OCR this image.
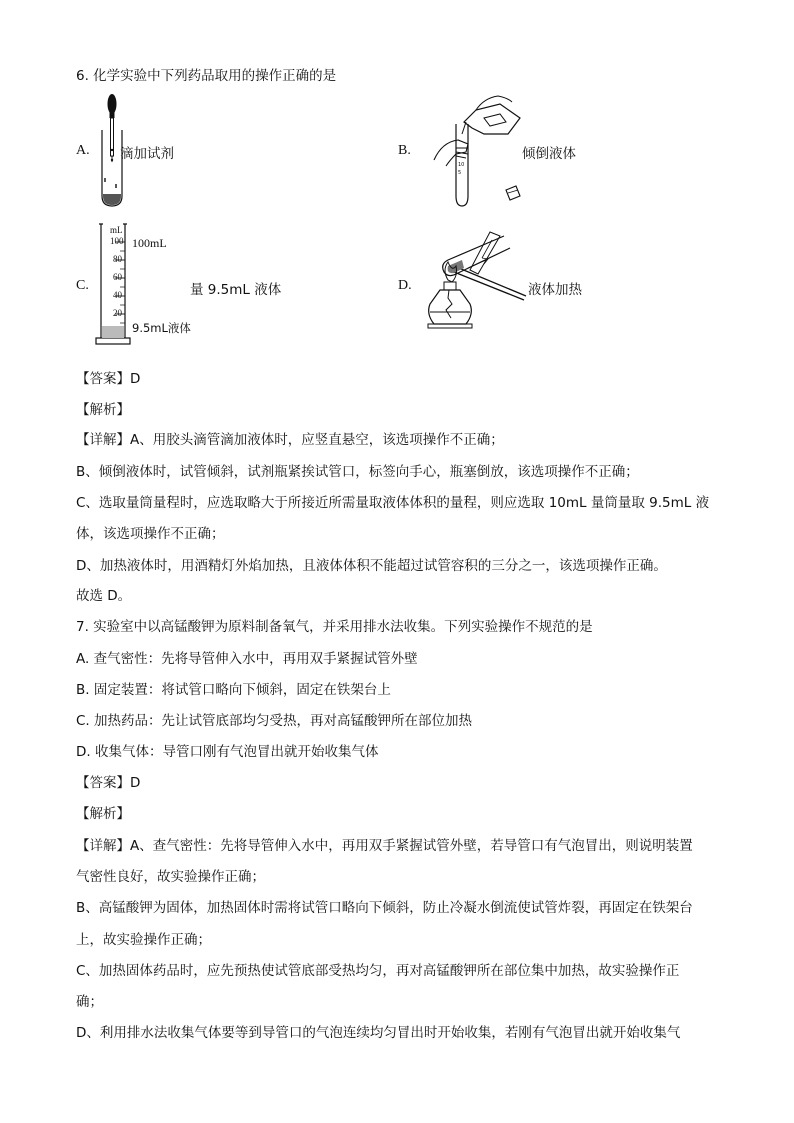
6. 化学实验中下列药品取用的操作正确的是
A. 滴加试剂	B.
10
5
倾倒液体
C.
mL
100
80
60
40
20
100mL
9.5mL液体
量 9.5mL 液体	D.	液体加热
【答案】D
【解析】
【详解】A、用胶头滴管滴加液体时，应竖直悬空，该选项操作不正确；
B、倾倒液体时，试管倾斜，试剂瓶紧挨试管口，标签向手心，瓶塞倒放，该选项操作不正确；
C、选取量筒量程时，应选取略大于所接近所需量取液体体积的量程，则应选取 10mL 量筒量取 9.5mL 液
体，该选项操作不正确；
D、加热液体时，用酒精灯外焰加热，且液体体积不能超过试管容积的三分之一，该选项操作正确。
故选 D。
7. 实验室中以高锰酸钾为原料制备氧气，并采用排水法收集。下列实验操作不规范的是
A. 查气密性：先将导管伸入水中，再用双手紧握试管外壁
B. 固定装置：将试管口略向下倾斜，固定在铁架台上
C. 加热药品：先让试管底部均匀受热，再对高锰酸钾所在部位加热
D. 收集气体：导管口刚有气泡冒出就开始收集气体
【答案】D
【解析】
【详解】A、查气密性：先将导管伸入水中，再用双手紧握试管外壁，若导管口有气泡冒出，则说明装置
气密性良好，故实验操作正确；
B、高锰酸钾为固体，加热固体时需将试管口略向下倾斜，防止冷凝水倒流使试管炸裂，再固定在铁架台
上，故实验操作正确；
C、加热固体药品时，应先预热使试管底部受热均匀，再对高锰酸钾所在部位集中加热，故实验操作正
确；
D、利用排水法收集气体要等到导管口的气泡连续均匀冒出时开始收集，若刚有气泡冒出就开始收集气
